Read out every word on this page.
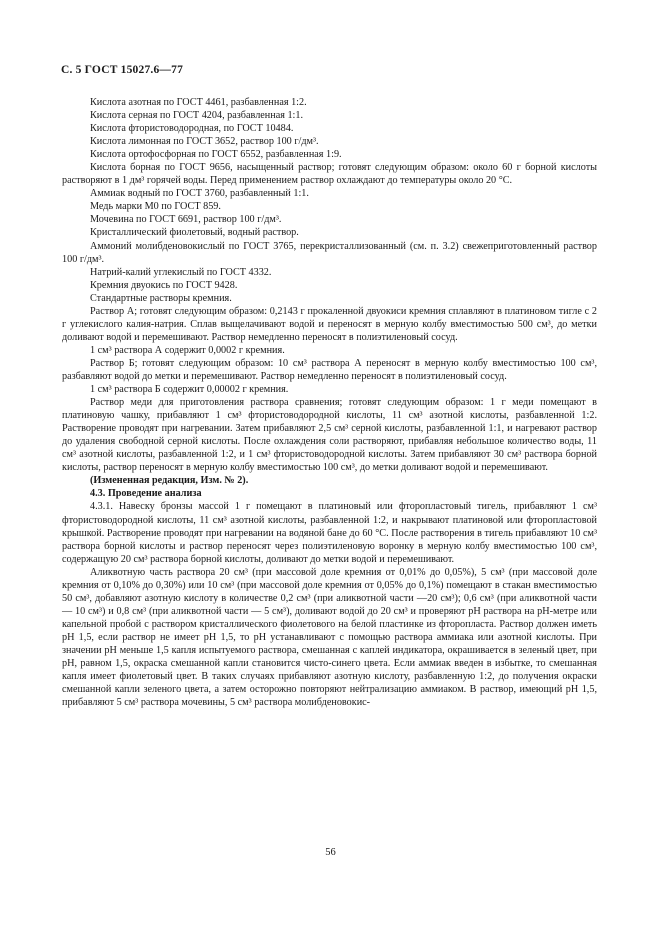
С. 5 ГОСТ 15027.6—77

Кислота азотная по ГОСТ 4461, разбавленная 1:2.

Кислота серная по ГОСТ 4204, разбавленная 1:1.

Кислота фтористоводородная, по ГОСТ 10484.

Кислота лимонная по ГОСТ 3652, раствор 100 г/дм³.

Кислота ортофосфорная по ГОСТ 6552, разбавленная 1:9.

Кислота борная по ГОСТ 9656, насыщенный раствор; готовят следующим образом: около 60 г борной кислоты растворяют в 1 дм³ горячей воды. Перед применением раствор охлаждают до температуры около 20 °С.

Аммиак водный по ГОСТ 3760, разбавленный 1:1.

Медь марки М0 по ГОСТ 859.

Мочевина по ГОСТ 6691, раствор 100 г/дм³.

Кристаллический фиолетовый, водный раствор.

Аммоний молибденовокислый по ГОСТ 3765, перекристаллизованный (см. п. 3.2) свежеприготовленный раствор 100 г/дм³.

Натрий-калий углекислый по ГОСТ 4332.

Кремния двуокись по ГОСТ 9428.

Стандартные растворы кремния.

Раствор А; готовят следующим образом: 0,2143 г прокаленной двуокиси кремния сплавляют в платиновом тигле с 2 г углекислого калия-натрия. Сплав выщелачивают водой и переносят в мерную колбу вместимостью 500 см³, до метки доливают водой и перемешивают. Раствор немедленно переносят в полиэтиленовый сосуд.

1 см³ раствора А содержит 0,0002 г кремния.

Раствор Б; готовят следующим образом: 10 см³ раствора А переносят в мерную колбу вместимостью 100 см³, разбавляют водой до метки и перемешивают. Раствор немедленно переносят в полиэтиленовый сосуд.

1 см³ раствора Б содержит 0,00002 г кремния.

Раствор меди для приготовления раствора сравнения; готовят следующим образом: 1 г меди помещают в платиновую чашку, прибавляют 1 см³ фтористоводородной кислоты, 11 см³ азотной кислоты, разбавленной 1:2. Растворение проводят при нагревании. Затем прибавляют 2,5 см³ серной кислоты, разбавленной 1:1, и нагревают раствор до удаления свободной серной кислоты. После охлаждения соли растворяют, прибавляя небольшое количество воды, 11 см³ азотной кислоты, разбавленной 1:2, и 1 см³ фтористоводородной кислоты. Затем прибавляют 30 см³ раствора борной кислоты, раствор переносят в мерную колбу вместимостью 100 см³, до метки доливают водой и перемешивают.

(Измененная редакция, Изм. № 2).

4.3. Проведение анализа

4.3.1. Навеску бронзы массой 1 г помещают в платиновый или фторопластовый тигель, прибавляют 1 см³ фтористоводородной кислоты, 11 см³ азотной кислоты, разбавленной 1:2, и накрывают платиновой или фторопластовой крышкой. Растворение проводят при нагревании на водяной бане до 60 °С. После растворения в тигель прибавляют 10 см³ раствора борной кислоты и раствор переносят через полиэтиленовую воронку в мерную колбу вместимостью 100 см³, содержащую 20 см³ раствора борной кислоты, доливают до метки водой и перемешивают.

Аликвотную часть раствора 20 см³ (при массовой доле кремния от 0,01% до 0,05%), 5 см³ (при массовой доле кремния от 0,10% до 0,30%) или 10 см³ (при массовой доле кремния от 0,05% до 0,1%) помещают в стакан вместимостью 50 см³, добавляют азотную кислоту в количестве 0,2 см³ (при аликвотной части —20 см³); 0,6 см³ (при аликвотной части — 10 см³) и 0,8 см³ (при аликвотной части — 5 см³), доливают водой до 20 см³ и проверяют рН раствора на рН-метре или капельной пробой с раствором кристаллического фиолетового на белой пластинке из фторопласта. Раствор должен иметь рН 1,5, если раствор не имеет рН 1,5, то рН устанавливают с помощью раствора аммиака или азотной кислоты. При значении рН меньше 1,5 капля испытуемого раствора, смешанная с каплей индикатора, окрашивается в зеленый цвет, при рН, равном 1,5, окраска смешанной капли становится чисто-синего цвета. Если аммиак введен в избытке, то смешанная капля имеет фиолетовый цвет. В таких случаях прибавляют азотную кислоту, разбавленную 1:2, до получения окраски смешанной капли зеленого цвета, а затем осторожно повторяют нейтрализацию аммиаком. В раствор, имеющий рН 1,5, прибавляют 5 см³ раствора мочевины, 5 см³ раствора молибденовокис-

56
